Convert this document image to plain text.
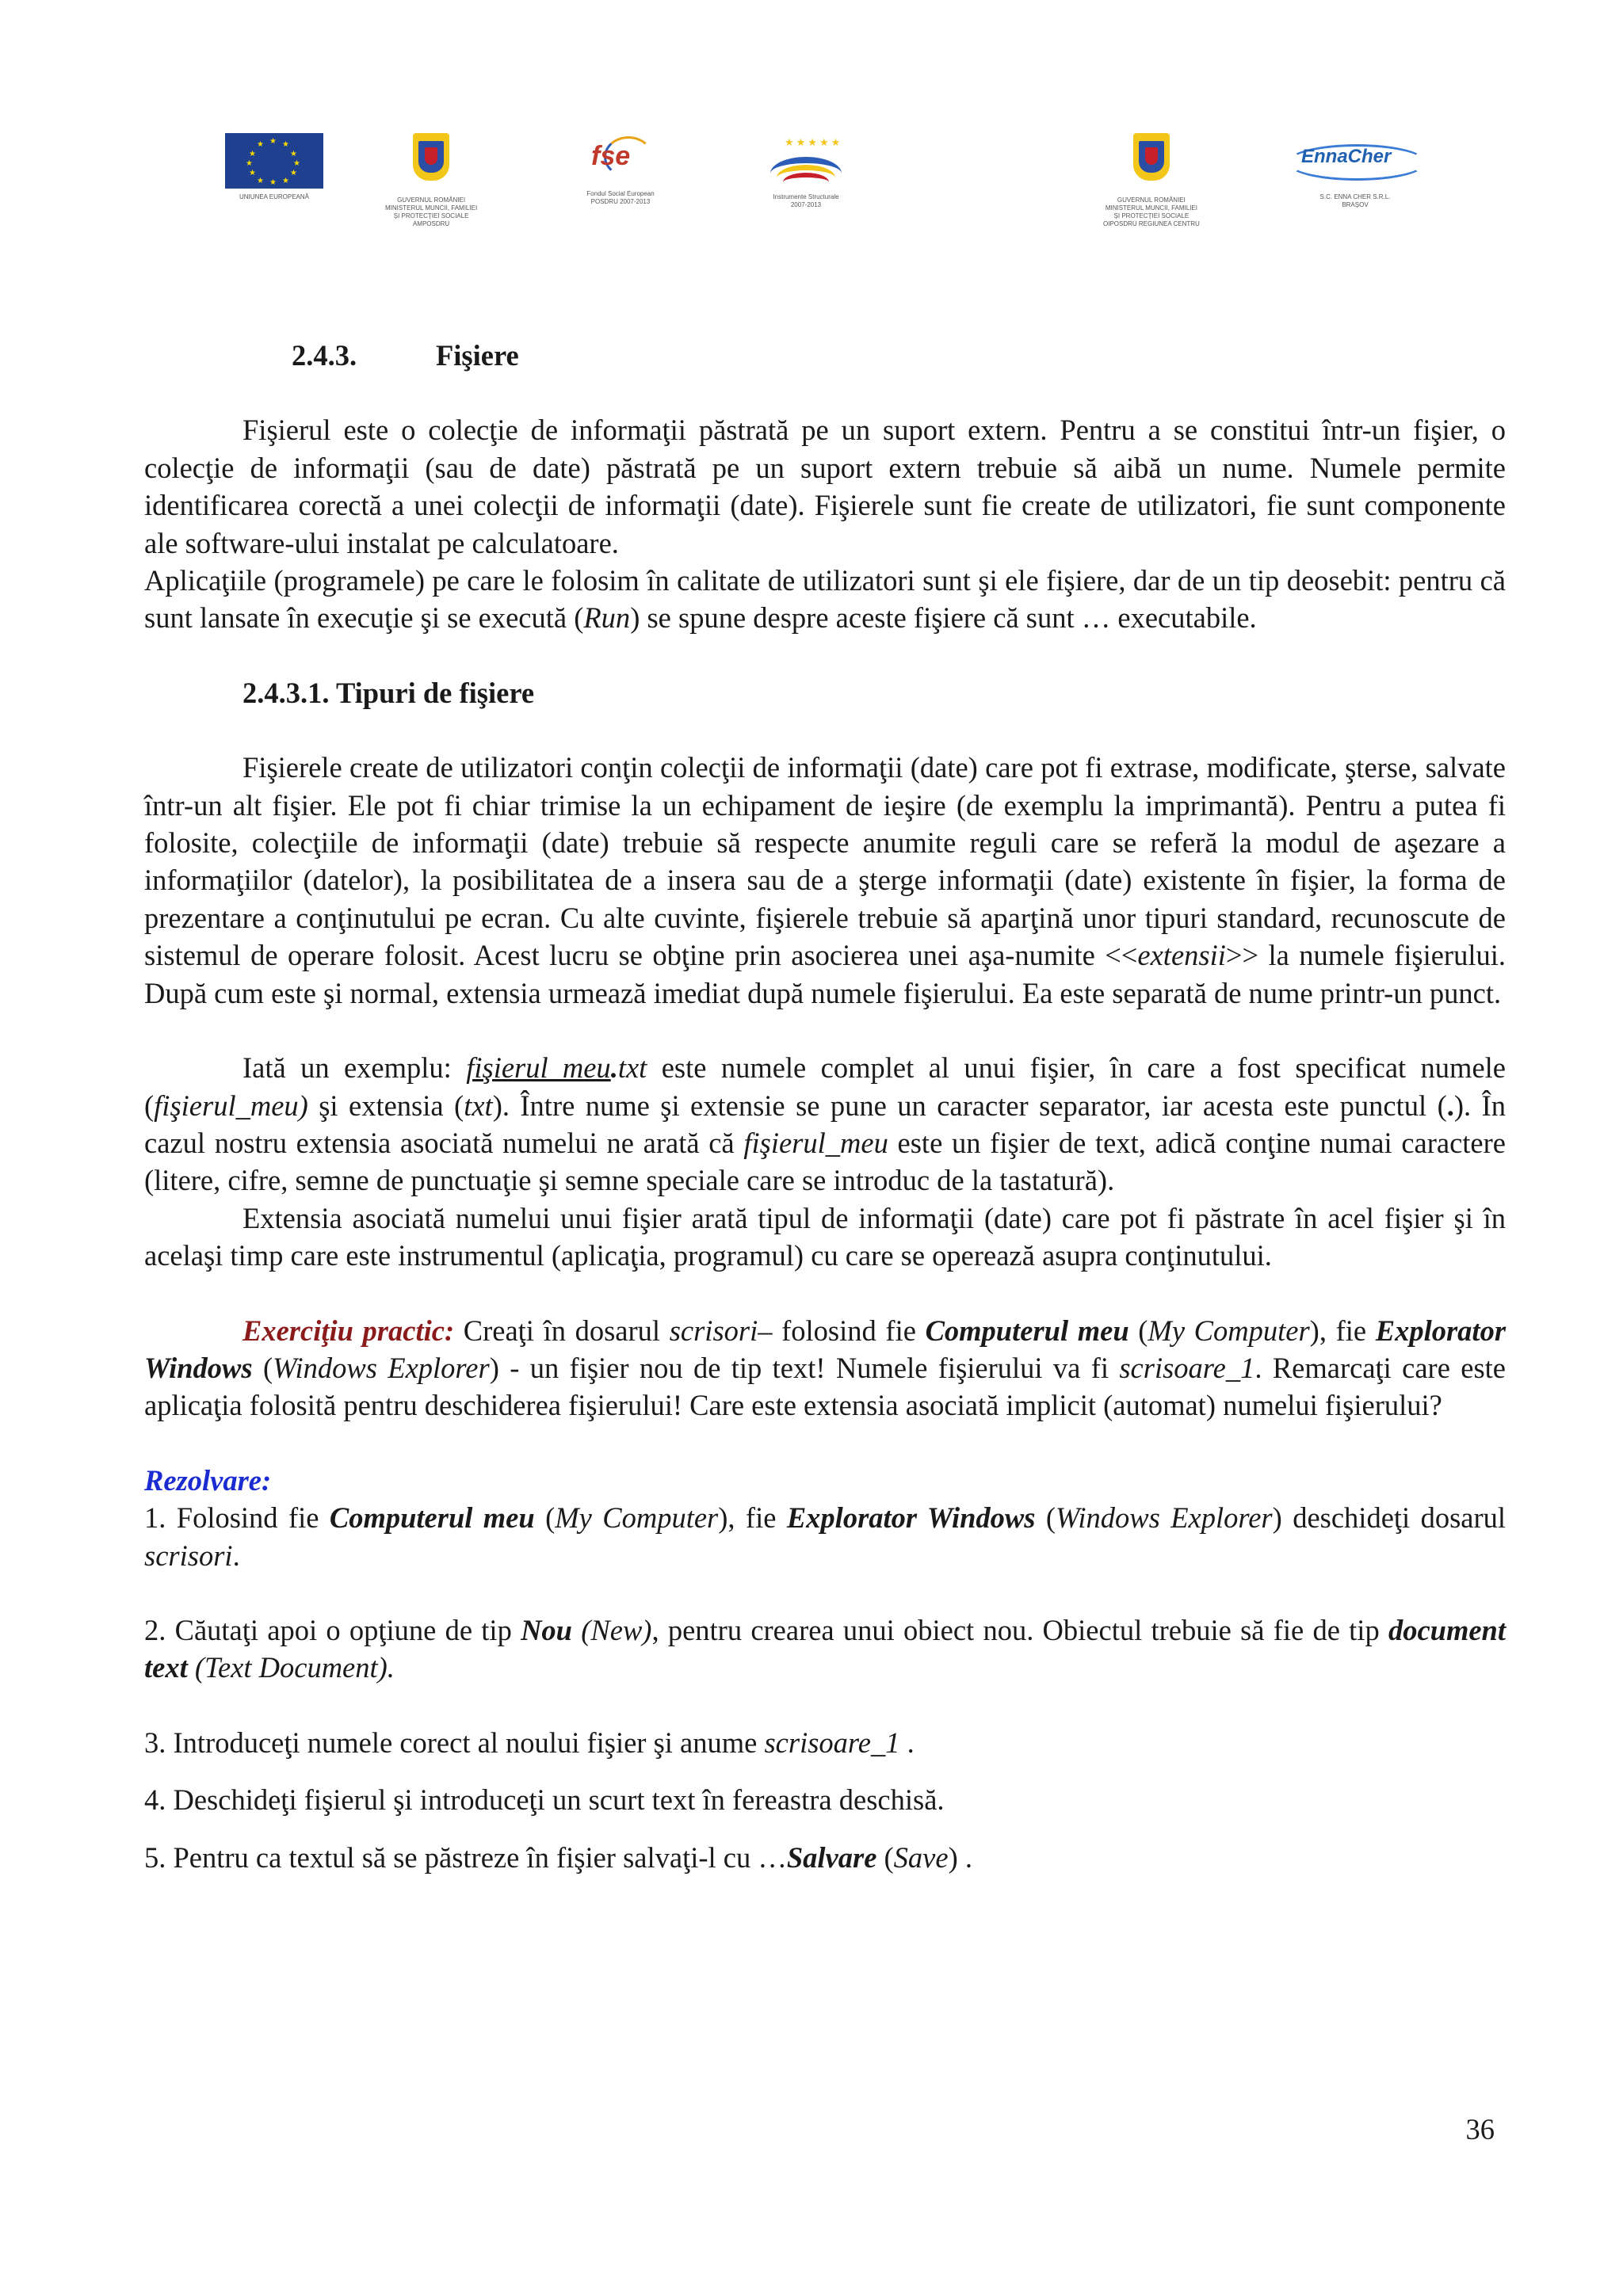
★ ★
★
★
★
★
★
★
★
★
★
★
UNIUNEA EUROPEANĂ	GUVERNUL ROMÂNIEI
MINISTERUL MUNCII, FAMILIEI
ȘI PROTECȚIEI SOCIALE
AMPOSDRU
fse
Fondul Social European
POSDRU 2007-2013
★★★★★
Instrumente Structurale
2007-2013
GUVERNUL ROMÂNIEI
MINISTERUL MUNCII, FAMILIEI
ȘI PROTECȚIEI SOCIALE
OIPOSDRU REGIUNEA CENTRU
EnnaCher
S.C. ENNA CHER S.R.L.
BRAȘOV

2.4.3.	Fişiere

Fişierul este o colecţie de informaţii păstrată pe un suport extern. Pentru a se constitui într-un fişier, o colecţie de informaţii (sau de date) păstrată pe un suport extern trebuie să aibă un nume. Numele permite identificarea corectă a unei colecţii de informaţii (date). Fişierele sunt fie create de utilizatori, fie sunt componente ale software-ului instalat pe calculatoare.

Aplicaţiile (programele) pe care le folosim în calitate de utilizatori sunt şi ele fişiere, dar de un tip deosebit: pentru că sunt lansate în execuţie şi se execută (Run) se spune despre aceste fişiere că sunt … executabile.

2.4.3.1. Tipuri de fişiere

Fişierele create de utilizatori conţin colecţii de informaţii (date) care pot fi extrase, modificate, şterse, salvate într-un alt fişier. Ele pot fi chiar trimise la un echipament de ieşire (de exemplu la imprimantă). Pentru a putea fi folosite, colecţiile de informaţii (date) trebuie să respecte anumite reguli care se referă la modul de aşezare a informaţiilor (datelor), la posibilitatea de a insera sau de a şterge informaţii (date) existente în fişier, la forma de prezentare a conţinutului pe ecran. Cu alte cuvinte, fişierele trebuie să aparţină unor tipuri standard, recunoscute de sistemul de operare folosit. Acest lucru se obţine prin asocierea unei aşa-numite <<extensii>> la numele fişierului. După cum este şi normal, extensia urmează imediat după numele fişierului. Ea este separată de nume printr-un punct.

Iată un exemplu: fişierul_meu.txt este numele complet al unui fişier, în care a fost specificat numele (fişierul_meu) şi extensia (txt). Între nume şi extensie se pune un caracter separator, iar acesta este punctul (.). În cazul nostru extensia asociată numelui ne arată că fişierul_meu este un fişier de text, adică conţine numai caractere (litere, cifre, semne de punctuaţie şi semne speciale care se introduc de la tastatură).

Extensia asociată numelui unui fişier arată tipul de informaţii (date) care pot fi păstrate în acel fişier şi în acelaşi timp care este instrumentul (aplicaţia, programul) cu care se operează asupra conţinutului.

Exerciţiu practic: Creaţi în dosarul scrisori– folosind fie Computerul meu (My Computer), fie Explorator Windows (Windows Explorer) - un fişier nou de tip text! Numele fişierului va fi scrisoare_1. Remarcaţi care este aplicaţia folosită pentru deschiderea fişierului! Care este extensia asociată implicit (automat) numelui fişierului?

Rezolvare:

1. Folosind fie Computerul meu (My Computer), fie Explorator Windows (Windows Explorer) deschideţi dosarul scrisori.

2. Căutaţi apoi o opţiune de tip Nou (New), pentru crearea unui obiect nou. Obiectul trebuie să fie de tip document text (Text Document).

3. Introduceţi numele corect al noului fişier şi anume scrisoare_1 .

4. Deschideţi fişierul şi introduceţi un scurt text în fereastra deschisă.

5. Pentru ca textul să se păstreze în fişier salvaţi-l cu …Salvare (Save) .

36
